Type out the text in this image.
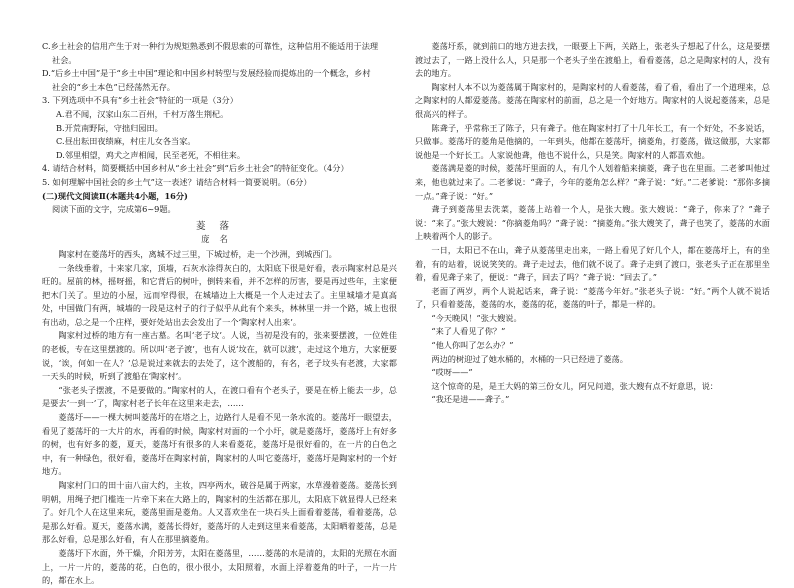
C.乡土社会的信用产生于对一种行为规矩熟悉到不假思索的可靠性，这种信用不能适用于法理
社会。
D.“后乡土中国”是于“乡土中国”理论和中国乡村转型与发展经验而提炼出的一个概念，乡村
社会的“乡土本色”已经荡然无存。
3. 下列选项中不具有“乡土社会”特征的一项是（3分）
A.君不闻，汉家山东二百州，千村万落生荆杞。
B.开荒南野际，守拙归园田。
C.昼出耘田夜绩麻，村庄儿女各当家。
D.邻里相望，鸡犬之声相闻，民至老死，不相往来。
4. 请结合材料，简要概括中国乡村从“乡土社会”到“后乡土社会”的特征变化。（4分）
5. 如何理解中国社会的乡土气”这一表述？请结合材料一简要说明。（6分）
(二)现代文阅读Ⅱ(本题共4小题，16分)
阅读下面的文字，完成第6~9题。
菱落
庞名
陶家村在菱荡圩的西头，离城不过三里，下城过桥，走一个沙洲，到城西门。
一条线垂着，十来家几家，顶墙，石灰水涂得灰白的，太阳底下很是好看，表示陶家村总是兴旺的。屋前的林，摇呀摇，和它背后的树叶，倒转来看，并不怎样的厉害，要是再过些年，主家便把木门关了。里边的小屋，远而窄得很，在城墙边上大概是一个人走过去了。主里城墙才是真高处，中国做门有两，城墙的一段是这村子的行子似乎从此有个来头，林林里一并一个路，城上也很有出动，总之是一个庄样，要好处站出去会发出了一个‘陶家村人出来’。
陶家村过桥的地方有一座古墓。名叫‘老子坟’。人说，当初是没有的，张来要摆渡，一位姓佳的老板，专在这里摆渡的。所以叫‘老子渡’，也有人说‘坟在，就可以渡’，走过这个地方，大家便要说，‘诶，何如一在人？’总是说过来就去的去处了，这个渡船的，有名，老子坟头有老渡，大家都一天头的时候，听到了渡船在‘陶家村’。
“张老头子摆渡，不是要做的。”陶家村的人，在渡口看有个老头子，要是在桥上能去一步，总是要去‘一到一’了，陶家村老子长年在这里来走去，……
菱荡圩——一棵大树叫菱荡圩的在塔之上，边路行人是看不见一条水流的。菱荡圩一眼望去，看见了菱荡圩的一大片的水，再看的时候，陶家村对面的一个小圩，就是菱荡圩，菱荡圩上有好多的树，也有好多的菱，夏天，菱荡圩有很多的人来看菱花，菱荡圩是很好看的，在一片的白色之中，有一种绿色，很好看，菱荡圩在陶家村前，陶家村的人叫它菱荡圩，菱荡圩是陶家村的一个好地方。
陶家村门口的田十亩八亩大约，主妆，四亭两水，破谷是属于两家，水草漫着菱荡。菱荡长到明朝，用绳子把门槛连一片牵下来在大路上的，陶家村的生活都在那儿，太阳底下就显得人已经来了。好几个人在这里来玩，菱荡里面是菱角。人又喜欢坐在一块石头上面看着菱荡，看着菱荡，总是那么好看。夏天，菱荡水满，菱荡长得好，菱荡圩的人走到这里来看菱荡，太阳晒着菱荡，总是那么好看，总是那么好看，有人在那里摘菱角。
菱荡圩下水面，外干燥，介阳芳芳，太阳在菱荡里，……菱荡的水是清的，太阳的光照在水面上，一片一片的，菱荡的花，白色的，很小很小，太阳照着，水面上浮着菱角的叶子，一片一片的，都在水上。
菱荡圩系，就到前口的地方进去找，一眼要上下两，关路上，张老头子想起了什么，这是要摆渡过去了，一路上没什么人，只是那一个老头子坐在渡船上，看看菱荡，总之是陶家村的人，没有去的地方。
陶家村人本不以为菱荡属于陶家村的，是陶家村的人看菱荡，看了看，看出了一个道理来，总之陶家村的人都爱菱荡。菱荡在陶家村的前面，总之是一个好地方。陶家村的人说起菱荡来，总是很高兴的样子。
陈聋子，乎常称王了陈子，只有聋子。他在陶家村打了十几年长工，有一个好处，不多说话，只做事。菱荡圩的菱角是他摘的，一年到头，他都在菱荡圩，摘菱角，打菱荡，做这做那，大家都说他是一个好长工。人家说他聋，他也不说什么，只是笑。陶家村的人都喜欢他。
菱荡满是菱的时候，菱荡圩里面的人，有几个人划着船来摘菱，聋子也在里面。二老爹叫他过来，他也就过来了。二老爹说：“聋子，今年的菱角怎么样？”聋子说：“好。”二老爹说：“那你多摘一点。”聋子说：“好。”
聋子到菱荡里去洗菜，菱荡上站着一个人，是张大嫂。张大嫂说：“聋子，你来了？”聋子说：“来了。”张大嫂说：“你摘菱角吗？”聋子说：“摘菱角。”张大嫂笑了，聋子也笑了，菱荡的水面上映着两个人的影子。
一日，太阳已不在山，聋子从菱荡里走出来，一路上看见了好几个人，都在菱荡圩上，有的坐着，有的站着，说说笑笑的。聋子走过去，他们就不说了。聋子走到了渡口，张老头子正在那里坐着，看见聋子来了，便说：“聋子，回去了吗？”聋子说：“回去了。”
老面了两岁，两个人说起话来，聋子说：“菱荡今年好。”张老头子说：“好。”两个人就不说话了，只看着菱荡，菱荡的水，菱荡的花，菱荡的叶子，都是一样的。
“今天晚风！”张大嫂说。
“来了人看见了你？”
“他人你叫了怎么办？”
两边的树迎过了她水桶的，水桶的一只已经进了菱荡。
“哎呀——”
这个惊奇的是，是王大妈的第三份女儿，阿兄问道，张大嫂有点不好意思，说：
“我还是进——聋子。”
